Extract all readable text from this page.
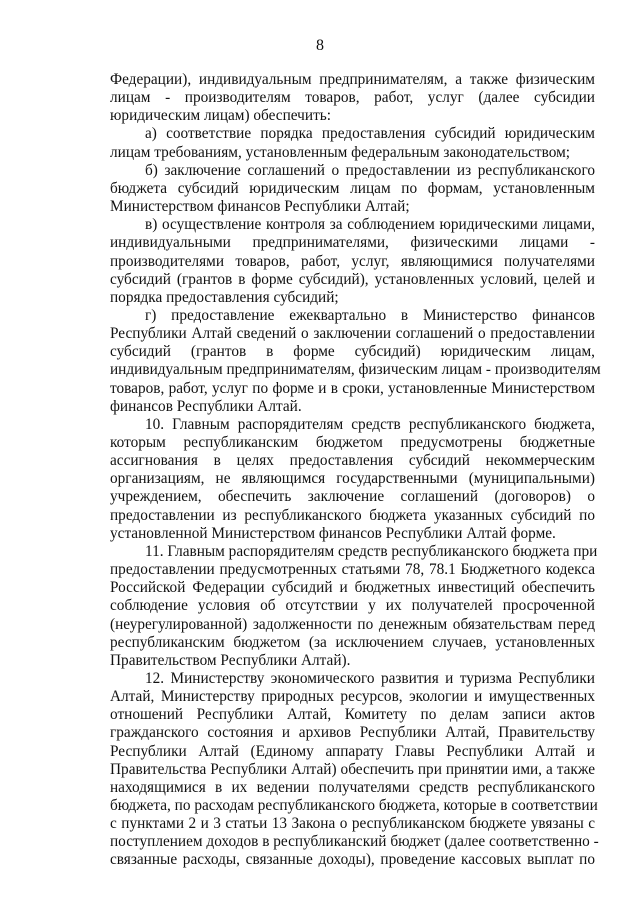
8
Федерации), индивидуальным предпринимателям, а также физическим
лицам - производителям товаров, работ, услуг (далее субсидии
юридическим лицам) обеспечить:
а) соответствие порядка предоставления субсидий юридическим
лицам требованиям, установленным федеральным законодательством;
б) заключение соглашений о предоставлении из республиканского
бюджета субсидий юридическим лицам по формам, установленным
Министерством финансов Республики Алтай;
в) осуществление контроля за соблюдением юридическими лицами,
индивидуальными предпринимателями, физическими лицами -
производителями товаров, работ, услуг, являющимися получателями
субсидий (грантов в форме субсидий), установленных условий, целей и
порядка предоставления субсидий;
г) предоставление ежеквартально в Министерство финансов
Республики Алтай сведений о заключении соглашений о предоставлении
субсидий (грантов в форме субсидий) юридическим лицам,
индивидуальным предпринимателям, физическим лицам - производителям
товаров, работ, услуг по форме и в сроки, установленные Министерством
финансов Республики Алтай.
10. Главным распорядителям средств республиканского бюджета,
которым республиканским бюджетом предусмотрены бюджетные
ассигнования в целях предоставления субсидий некоммерческим
организациям, не являющимся государственными (муниципальными)
учреждением, обеспечить заключение соглашений (договоров) о
предоставлении из республиканского бюджета указанных субсидий по
установленной Министерством финансов Республики Алтай форме.
11. Главным распорядителям средств республиканского бюджета при
предоставлении предусмотренных статьями 78, 78.1 Бюджетного кодекса
Российской Федерации субсидий и бюджетных инвестиций обеспечить
соблюдение условия об отсутствии у их получателей просроченной
(неурегулированной) задолженности по денежным обязательствам перед
республиканским бюджетом (за исключением случаев, установленных
Правительством Республики Алтай).
12. Министерству экономического развития и туризма Республики
Алтай, Министерству природных ресурсов, экологии и имущественных
отношений Республики Алтай, Комитету по делам записи актов
гражданского состояния и архивов Республики Алтай, Правительству
Республики Алтай (Единому аппарату Главы Республики Алтай и
Правительства Республики Алтай) обеспечить при принятии ими, а также
находящимися в их ведении получателями средств республиканского
бюджета, по расходам республиканского бюджета, которые в соответствии
с пунктами 2 и 3 статьи 13 Закона о республиканском бюджете увязаны с
поступлением доходов в республиканский бюджет (далее соответственно -
связанные расходы, связанные доходы), проведение кассовых выплат по
